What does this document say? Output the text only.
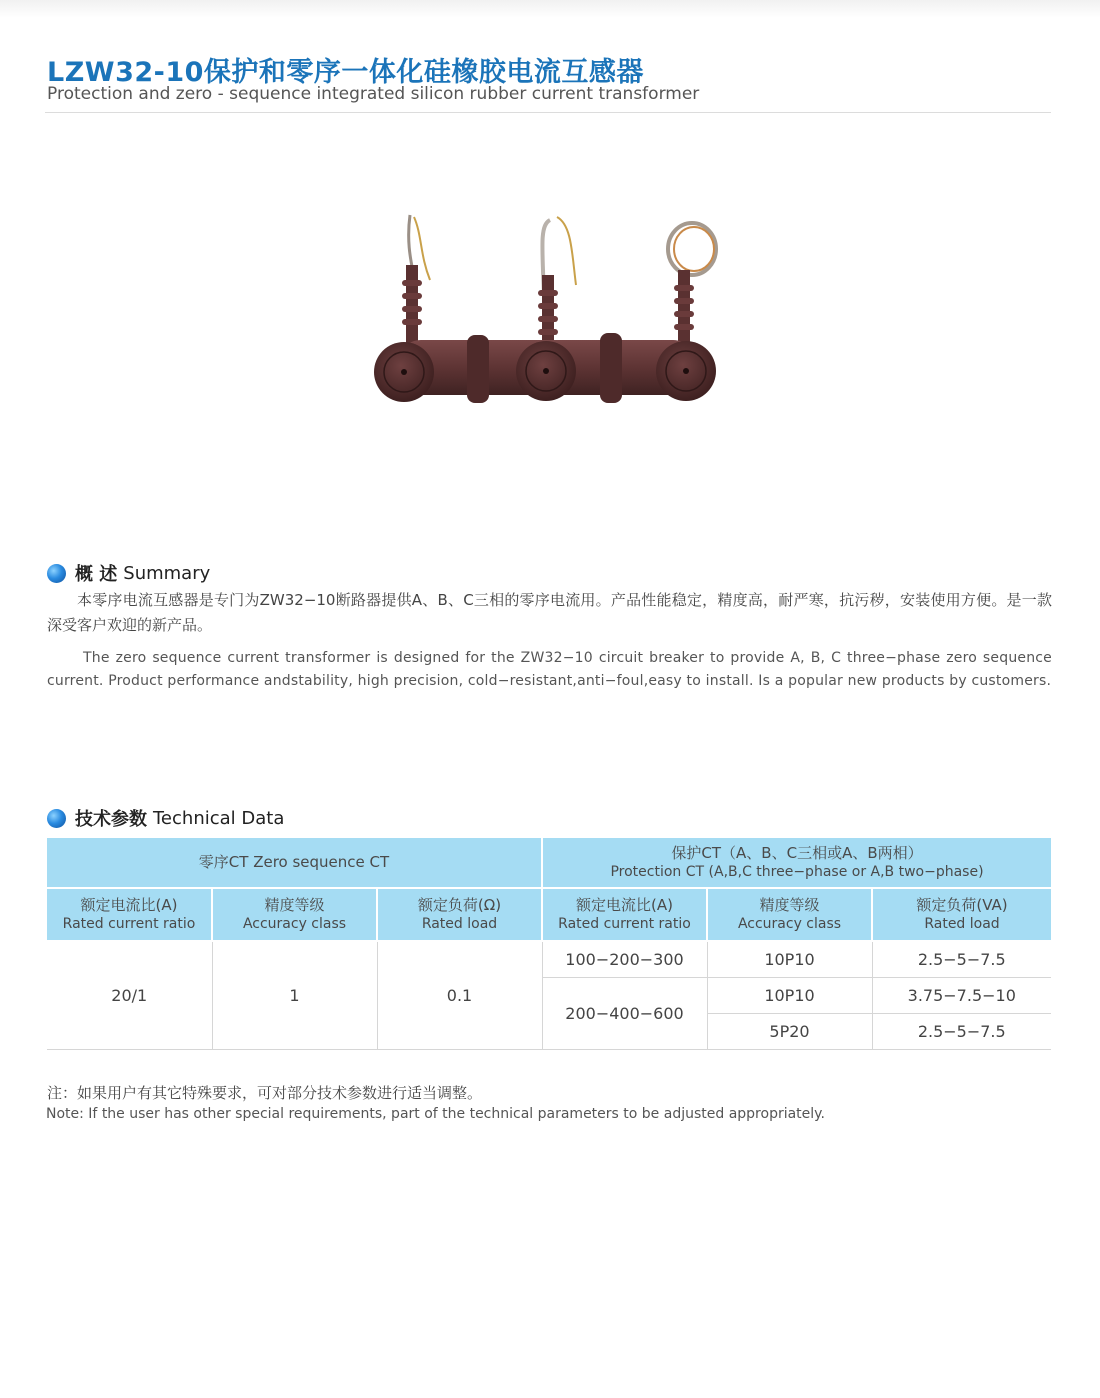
LZW32-10保护和零序一体化硅橡胶电流互感器
Protection and zero - sequence integrated silicon rubber current transformer
概 述 Summary

本零序电流互感器是专门为ZW32−10断路器提供A、B、C三相的零序电流用。产品性能稳定，精度高，耐严寒，抗污秽，安装使用方便。是一款深受客户欢迎的新产品。

The zero sequence current transformer is designed for the ZW32−10 circuit breaker to provide A, B, C three−phase zero sequence current. Product performance andstability, high precision, cold−resistant,anti−foul,easy to install. Is a popular new products by customers.

技术参数 Technical Data
零序CT Zero sequence CT			保护CT（A、B、C三相或A、B两相）
Protection CT (A,B,C three−phase or A,B two−phase)		

额定电流比(A)
Rated current ratio	精度等级
Accuracy class	额定负荷(Ω)
Rated load	额定电流比(A)
Rated current ratio	精度等级
Accuracy class	额定负荷(VA)
Rated load

20/1	1	0.1	100−200−300	10P10	2.5−5−7.5
			200−400−600	10P10	3.75−7.5−10
				5P20	2.5−5−7.5
注：如果用户有其它特殊要求，可对部分技术参数进行适当调整。
Note: If the user has other special requirements, part of the technical parameters to be adjusted appropriately.
